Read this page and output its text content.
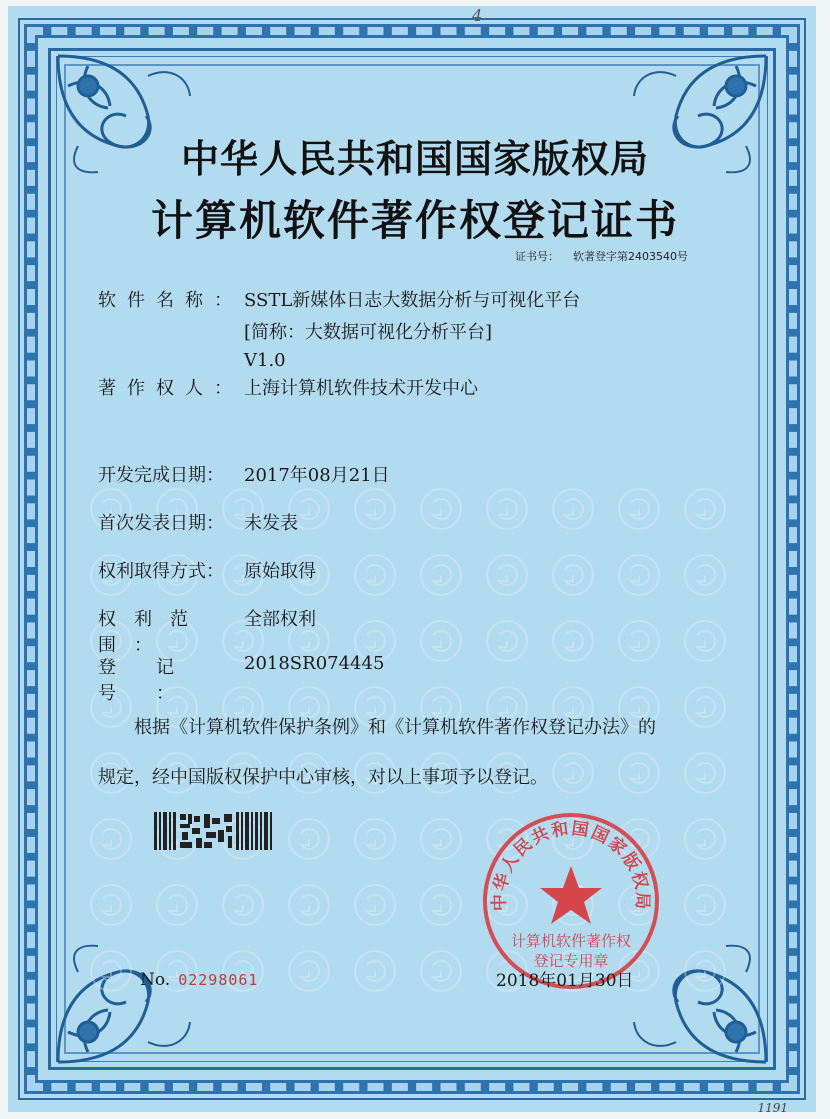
4
中华人民共和国国家版权局
计算机软件著作权登记证书
证书号： 软著登字第2403540号
软件名称： SSTL新媒体日志大数据分析与可视化平台
[简称：大数据可视化分析平台]
V1.0
著作权人：上海计算机软件技术开发中心
开发完成日期： 2017年08月21日
首次发表日期： 未发表
权利取得方式： 原始取得
权利范围：全部权利
登记号：2018SR074445
根据《计算机软件保护条例》和《计算机软件著作权登记办法》的
规定，经中国版权保护中心审核，对以上事项予以登记。
No. 02298061
中华人民共和国国家版权局
计算机软件著作权
登记专用章
2018年01月30日
1191
